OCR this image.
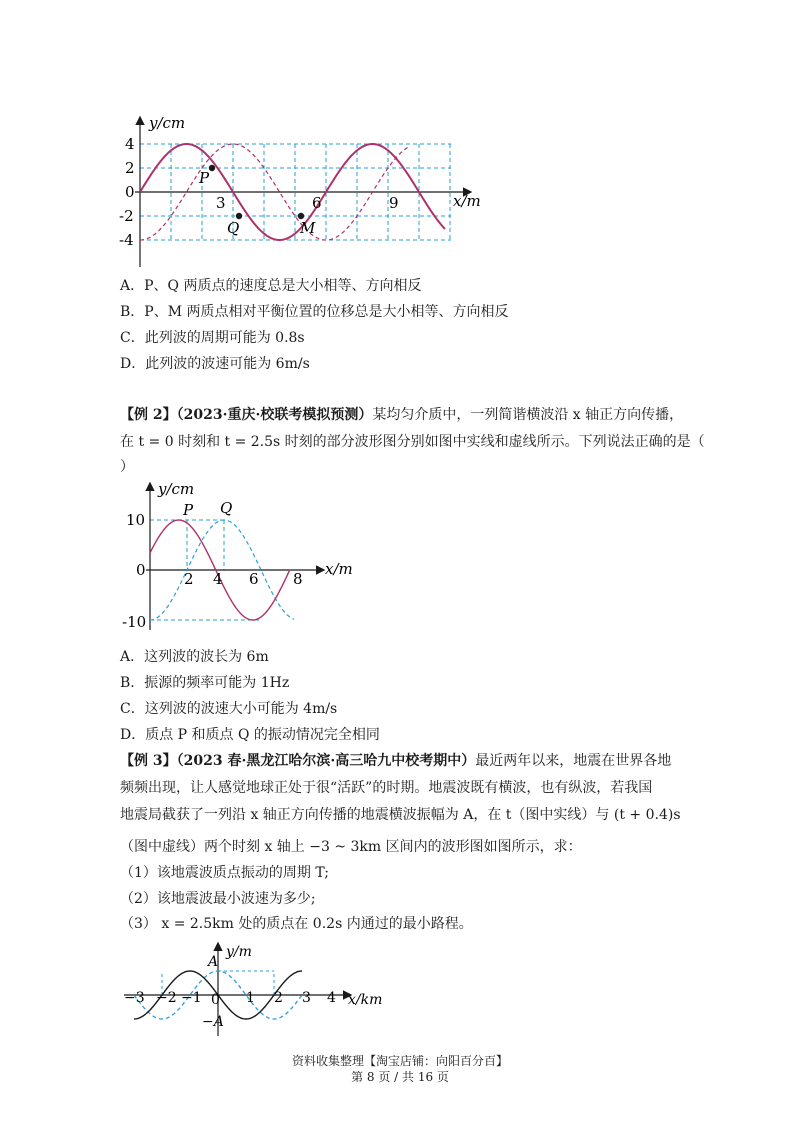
y/cm
x/m
4
2
0
-2
-4
3	6	9
P
Q	M
A．P、Q 两质点的速度总是大小相等、方向相反
B．P、M 两质点相对平衡位置的位移总是大小相等、方向相反
C．此列波的周期可能为 0.8s
D．此列波的波速可能为 6m/s
【例 2】（2023·重庆·校联考模拟预测）某均匀介质中，一列简谐横波沿 x 轴正方向传播，
在 t = 0 时刻和 t = 2.5s 时刻的部分波形图分别如图中实线和虚线所示。下列说法正确的是（
）
y/cm
x/m
10
0
-10
2 4 6 8
P Q
A．这列波的波长为 6m
B．振源的频率可能为 1Hz
C．这列波的波速大小可能为 4m/s
D．质点 P 和质点 Q 的振动情况完全相同
【例 3】（2023 春·黑龙江哈尔滨·高三哈九中校考期中）最近两年以来，地震在世界各地
频频出现，让人感觉地球正处于很“活跃”的时期。地震波既有横波，也有纵波，若我国
地震局截获了一列沿 x 轴正方向传播的地震横波振幅为 A，在 t（图中实线）与 (t + 0.4)s
（图中虚线）两个时刻 x 轴上 −3 ~ 3km 区间内的波形图如图所示，求：
（1）该地震波质点振动的周期 T;
（2）该地震波最小波速为多少;
（3） x = 2.5km 处的质点在 0.2s 内通过的最小路程。
y/m
x/km
A
−A
−3 −2 −1 0 1 2 3 4
资料收集整理【淘宝店铺：向阳百分百】
第 8 页 / 共 16 页
